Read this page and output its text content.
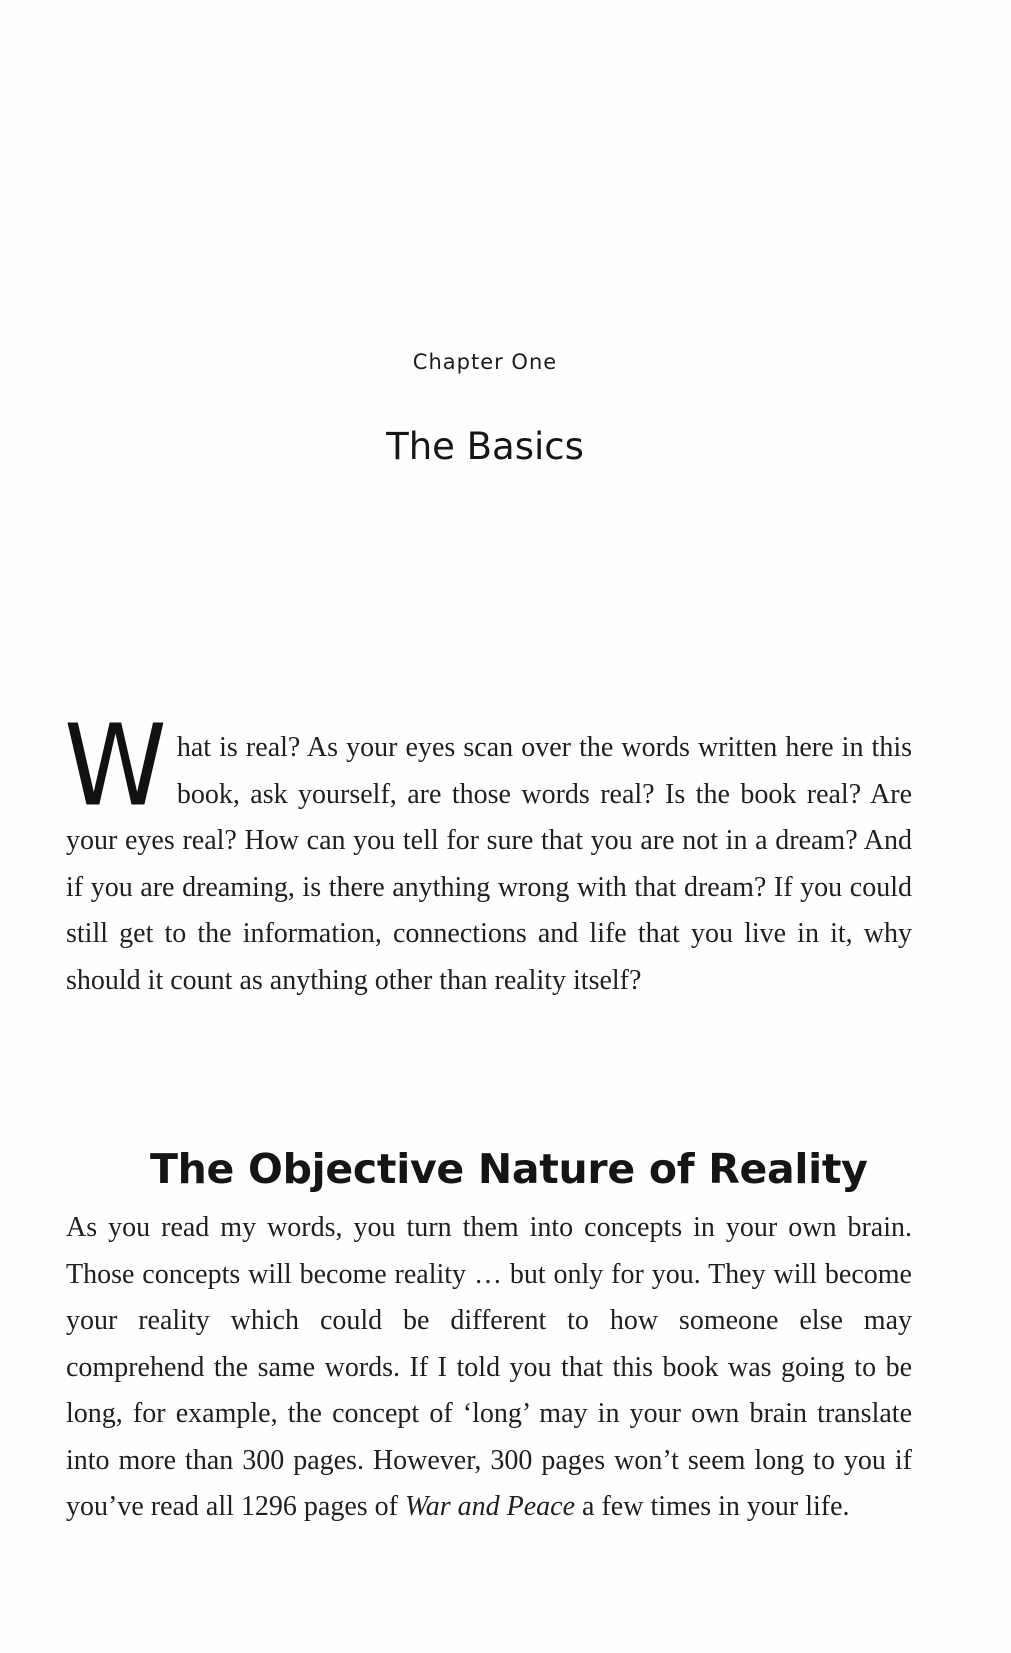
Chapter One
The Basics

What is real? As your eyes scan over the words written here in this book, ask yourself, are those words real? Is the book real? Are your eyes real? How can you tell for sure that you are not in a dream? And if you are dreaming, is there anything wrong with that dream? If you could still get to the information, connections and life that you live in it, why should it count as anything other than reality itself?

The Objective Nature of Reality

As you read my words, you turn them into concepts in your own brain. Those concepts will become reality … but only for you. They will become your reality which could be different to how someone else may comprehend the same words. If I told you that this book was going to be long, for example, the concept of ‘long’ may in your own brain translate into more than 300 pages. However, 300 pages won’t seem long to you if you’ve read all 1296 pages of War and Peace a few times in your life.
